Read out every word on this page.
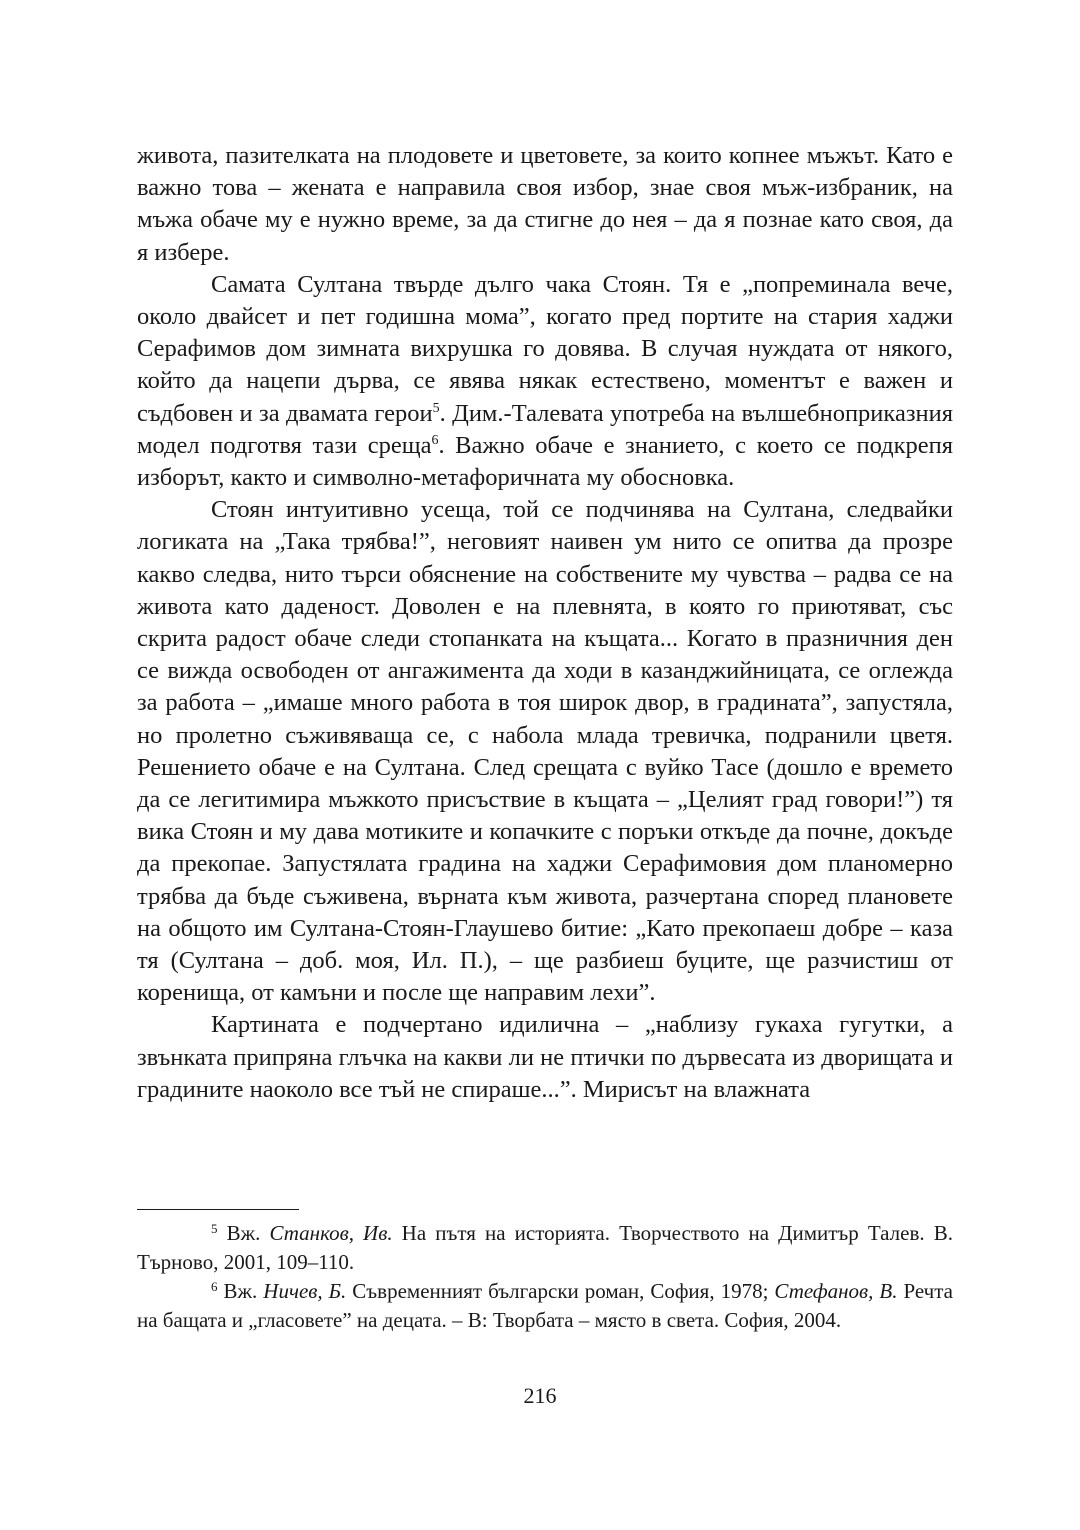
живота, пазителката на плодовете и цветовете, за които копнее мъжът. Като е важно това – жената е направила своя избор, знае своя мъж-избраник, на мъжа обаче му е нужно време, за да стигне до нея – да я познае като своя, да я избере.

Самата Султана твърде дълго чака Стоян. Тя е „попреминала вече, около двайсет и пет годишна мома”, когато пред портите на стария хаджи Серафимов дом зимната вихрушка го довява. В случая нуждата от някого, който да нацепи дърва, се явява някак естествено, моментът е важен и съдбовен и за двамата герои$^5$. Дим.-Талевата употреба на вълшебноприказния модел подготвя тази среща$^6$. Важно обаче е знанието, с което се подкрепя изборът, както и символно-метафоричната му обосновка.

Стоян интуитивно усеща, той се подчинява на Султана, следвайки логиката на „Така трябва!”, неговият наивен ум нито се опитва да прозре какво следва, нито търси обяснение на собствените му чувства – радва се на живота като даденост. Доволен е на плевнята, в която го приютяват, със скрита радост обаче следи стопанката на къщата... Когато в празничния ден се вижда освободен от ангажимента да ходи в казанджийницата, се оглежда за работа – „имаше много работа в тоя широк двор, в градината”, запустяла, но пролетно съживяваща се, с набола млада тревичка, подранили цветя. Решението обаче е на Султана. След срещата с вуйко Тасе (дошло е времето да се легитимира мъжкото присъствие в къщата – „Целият град говори!”) тя вика Стоян и му дава мотиките и копачките с поръки откъде да почне, докъде да прекопае. Запустялата градина на хаджи Серафимовия дом планомерно трябва да бъде съживена, върната към живота, разчертана според плановете на общото им Султана-Стоян-Глаушево битие: „Като прекопаеш добре – каза тя (Султана – доб. моя, Ил. П.), – ще разбиеш буците, ще разчистиш от коренища, от камъни и после ще направим лехи”.

Картината е подчертано идилична – „наблизу гукаха гугутки, а звънката припряна глъчка на какви ли не птички по дървесата из дворищата и градините наоколо все тъй не спираше...”. Мирисът на влажната

$^5$ Вж. Станков, Ив. На пътя на историята. Творчеството на Димитър Талев. В. Търново, 2001, 109–110.

$^6$ Вж. Ничев, Б. Съвременният български роман, София, 1978; Стефанов, В. Речта на бащата и „гласовете” на децата. – В: Творбата – място в света. София, 2004.

216
